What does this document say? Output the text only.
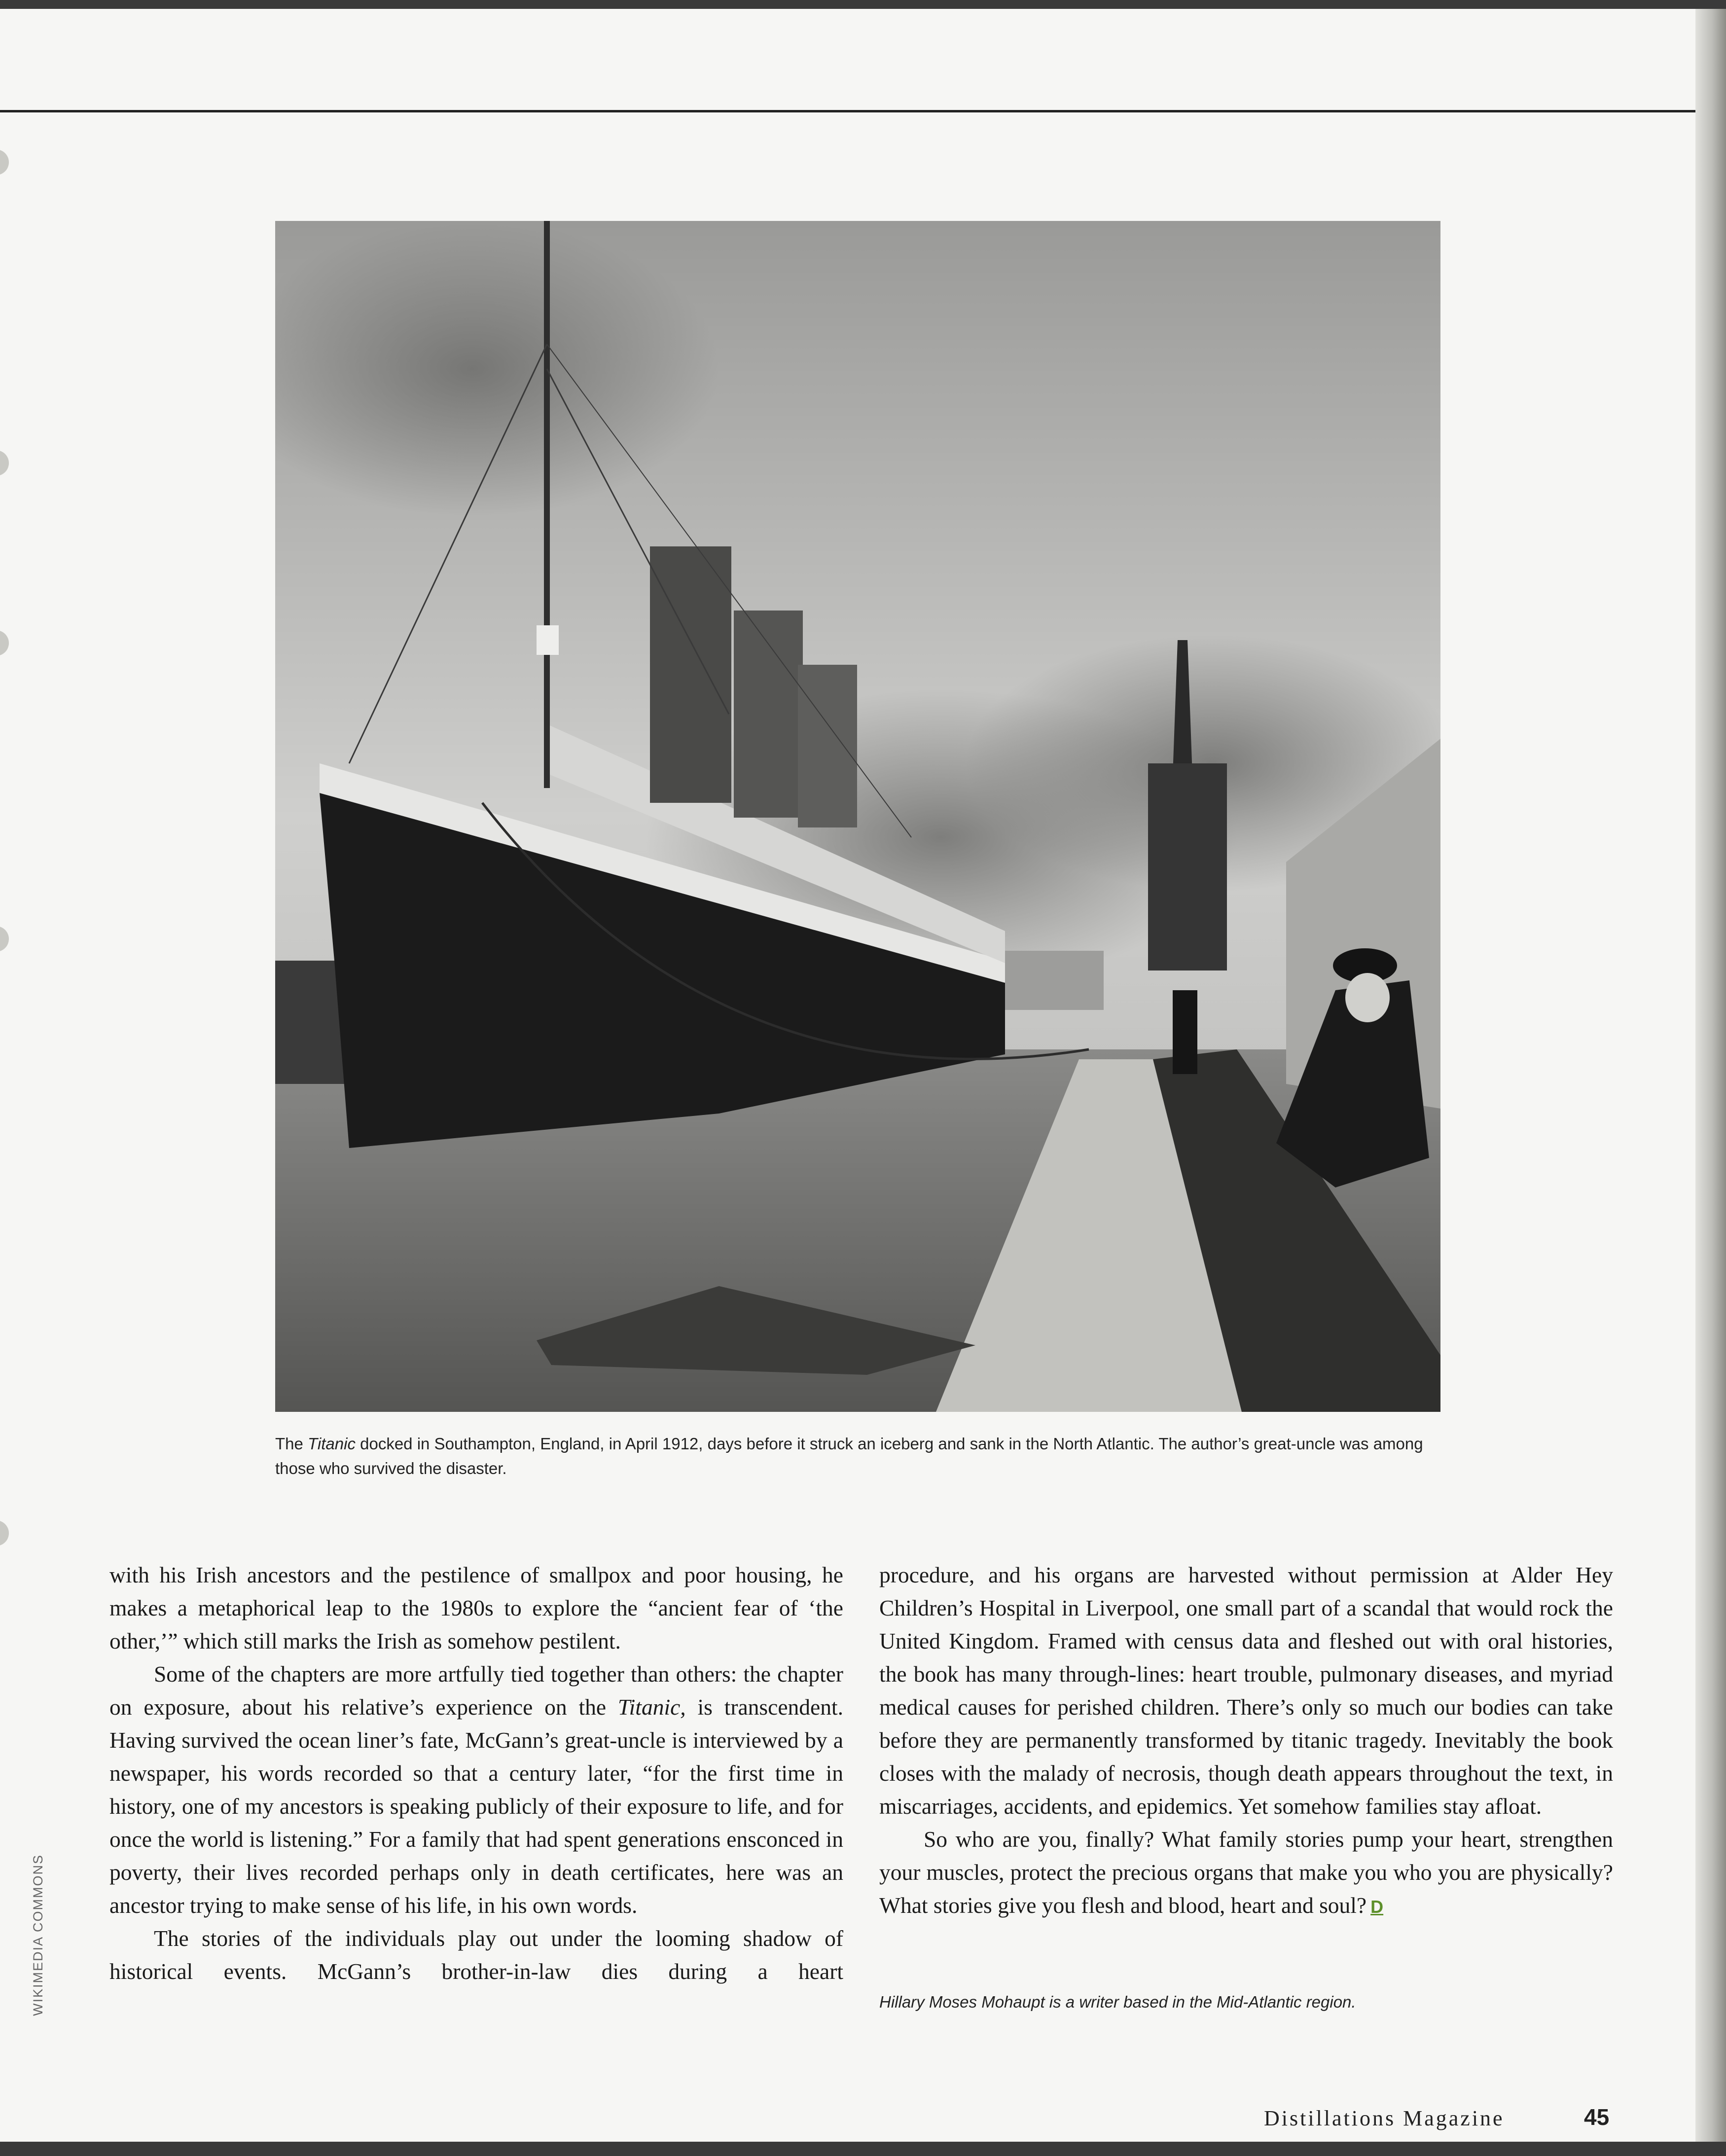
The Titanic docked in Southampton, England, in April 1912, days before it struck an iceberg and sank in the North Atlantic. The author’s great-uncle was among those who survived the disaster.

WIKIMEDIA COMMONS

with his Irish ancestors and the pestilence of smallpox and poor housing, he makes a metaphorical leap to the 1980s to explore the “ancient fear of ‘the other,’” which still marks the Irish as somehow pestilent.

Some of the chapters are more artfully tied together than others: the chapter on exposure, about his relative’s experience on the Titanic, is transcendent. Having survived the ocean liner’s fate, McGann’s great-uncle is interviewed by a newspaper, his words recorded so that a century later, “for the first time in history, one of my ancestors is speaking publicly of their exposure to life, and for once the world is listening.” For a family that had spent generations ensconced in poverty, their lives recorded perhaps only in death certificates, here was an ancestor trying to make sense of his life, in his own words.

The stories of the individuals play out under the looming shadow of historical events. McGann’s brother-in-law dies during a heart

procedure, and his organs are harvested without permission at Alder Hey Children’s Hospital in Liverpool, one small part of a scandal that would rock the United Kingdom. Framed with census data and fleshed out with oral histories, the book has many through-lines: heart trouble, pulmonary diseases, and myriad medical causes for perished children. There’s only so much our bodies can take before they are permanently transformed by titanic tragedy. Inevitably the book closes with the malady of necrosis, though death appears throughout the text, in miscarriages, accidents, and epidemics. Yet somehow families stay afloat.

So who are you, finally? What family stories pump your heart, strengthen your muscles, protect the precious organs that make you who you are physically? What stories give you flesh and blood, heart and soul? D

Hillary Moses Mohaupt is a writer based in the Mid-Atlantic region.

Distillations Magazine	45
